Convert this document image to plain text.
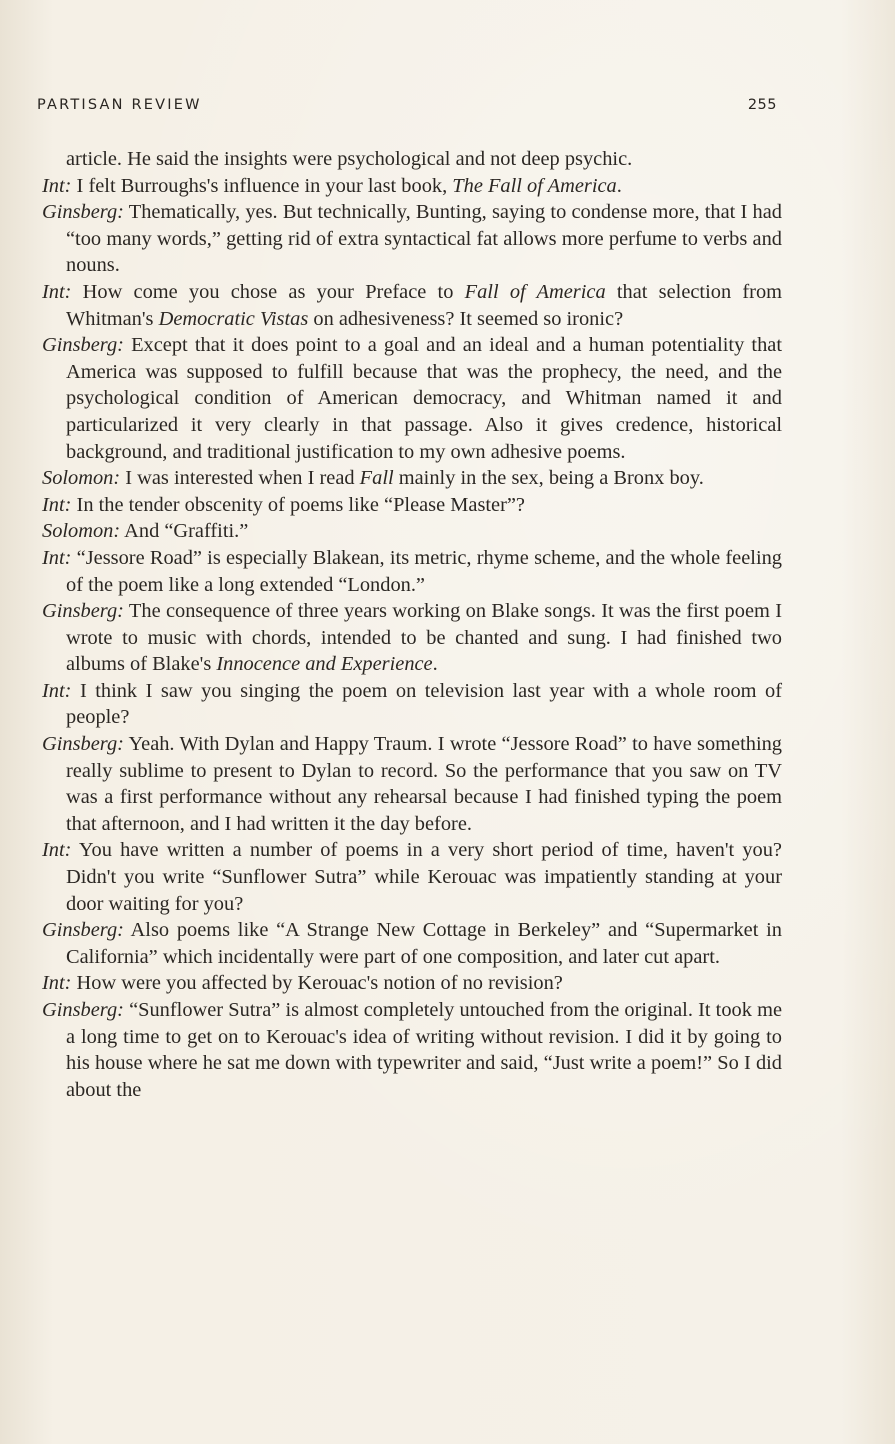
PARTISAN REVIEW	255

article. He said the insights were psychological and not deep psychic.

Int: I felt Burroughs's influence in your last book, The Fall of America.

Ginsberg: Thematically, yes. But technically, Bunting, saying to condense more, that I had “too many words,” getting rid of extra syntactical fat allows more perfume to verbs and nouns.

Int: How come you chose as your Preface to Fall of America that selection from Whitman's Democratic Vistas on adhesiveness? It seemed so ironic?

Ginsberg: Except that it does point to a goal and an ideal and a human potentiality that America was supposed to fulfill because that was the prophecy, the need, and the psychological condition of American democracy, and Whitman named it and particularized it very clearly in that passage. Also it gives credence, historical background, and traditional justification to my own adhesive poems.

Solomon: I was interested when I read Fall mainly in the sex, being a Bronx boy.

Int: In the tender obscenity of poems like “Please Master”?

Solomon: And “Graffiti.”

Int: “Jessore Road” is especially Blakean, its metric, rhyme scheme, and the whole feeling of the poem like a long extended “London.”

Ginsberg: The consequence of three years working on Blake songs. It was the first poem I wrote to music with chords, intended to be chanted and sung. I had finished two albums of Blake's Innocence and Experience.

Int: I think I saw you singing the poem on television last year with a whole room of people?

Ginsberg: Yeah. With Dylan and Happy Traum. I wrote “Jessore Road” to have something really sublime to present to Dylan to record. So the performance that you saw on TV was a first performance without any rehearsal because I had finished typing the poem that afternoon, and I had written it the day before.

Int: You have written a number of poems in a very short period of time, haven't you? Didn't you write “Sunflower Sutra” while Kerouac was impatiently standing at your door waiting for you?

Ginsberg: Also poems like “A Strange New Cottage in Berkeley” and “Supermarket in California” which incidentally were part of one composition, and later cut apart.

Int: How were you affected by Kerouac's notion of no revision?

Ginsberg: “Sunflower Sutra” is almost completely untouched from the original. It took me a long time to get on to Kerouac's idea of writing without revision. I did it by going to his house where he sat me down with typewriter and said, “Just write a poem!” So I did about the
